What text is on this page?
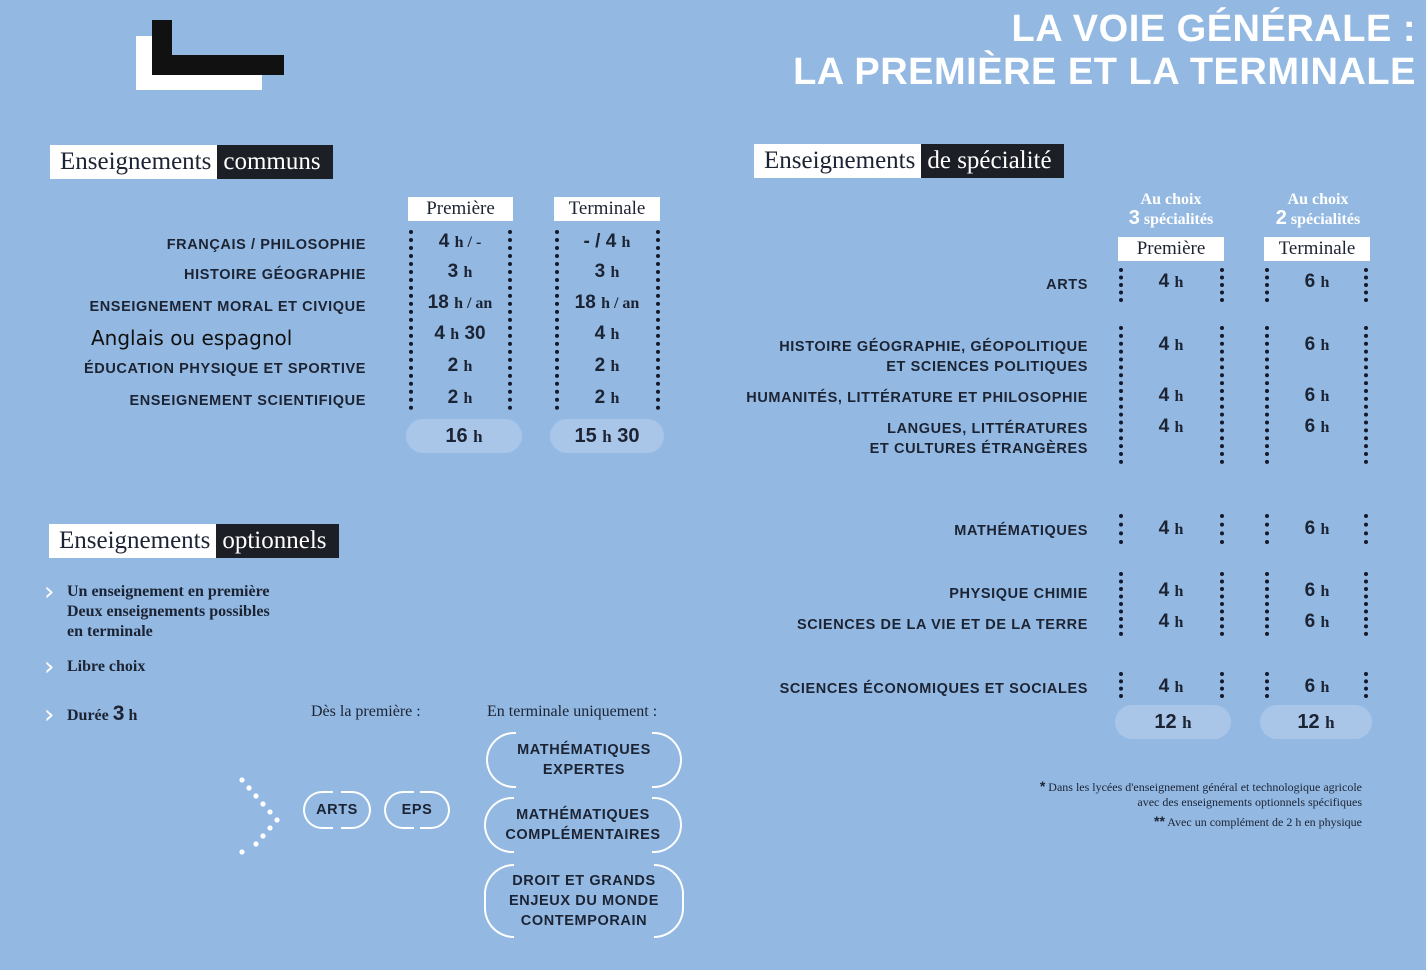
LA VOIE GÉNÉRALE :
LA PREMIÈRE ET LA TERMINALE
Enseignements communs
Première	Terminale
FRANÇAIS / PHILOSOPHIE	4 h / -	- / 4 h
HISTOIRE GÉOGRAPHIE	3 h	3 h
ENSEIGNEMENT MORAL ET CIVIQUE	18 h / an	18 h / an
Anglais ou espagnol	4 h 30	4 h
ÉDUCATION PHYSIQUE ET SPORTIVE	2 h	2 h
ENSEIGNEMENT SCIENTIFIQUE	2 h	2 h
16 h	15 h 30
Enseignements de spécialité
Au choix
3 spécialités
Au choix
2 spécialités
Première	Terminale
ARTS	4 h	6 h
HISTOIRE GÉOGRAPHIE, GÉOPOLITIQUE
ET SCIENCES POLITIQUES
4 h	6 h
HUMANITÉS, LITTÉRATURE ET PHILOSOPHIE	4 h	6 h
LANGUES, LITTÉRATURES
ET CULTURES ÉTRANGÈRES
4 h	6 h
MATHÉMATIQUES	4 h	6 h
PHYSIQUE CHIMIE	4 h	6 h
SCIENCES DE LA VIE ET DE LA TERRE	4 h	6 h
SCIENCES ÉCONOMIQUES ET SOCIALES	4 h	6 h
12 h	12 h
* Dans les lycées d'enseignement général et technologique agricole
avec des enseignements optionnels spécifiques
** Avec un complément de 2 h en physique
Enseignements optionnels
› Un enseignement en première
Deux enseignements possibles
en terminale
› Libre choix
› Durée 3 h	Dès la première :	En terminale uniquement :
ARTS	EPS
MATHÉMATIQUES
EXPERTES
MATHÉMATIQUES
COMPLÉMENTAIRES
DROIT ET GRANDS
ENJEUX DU MONDE
CONTEMPORAIN
